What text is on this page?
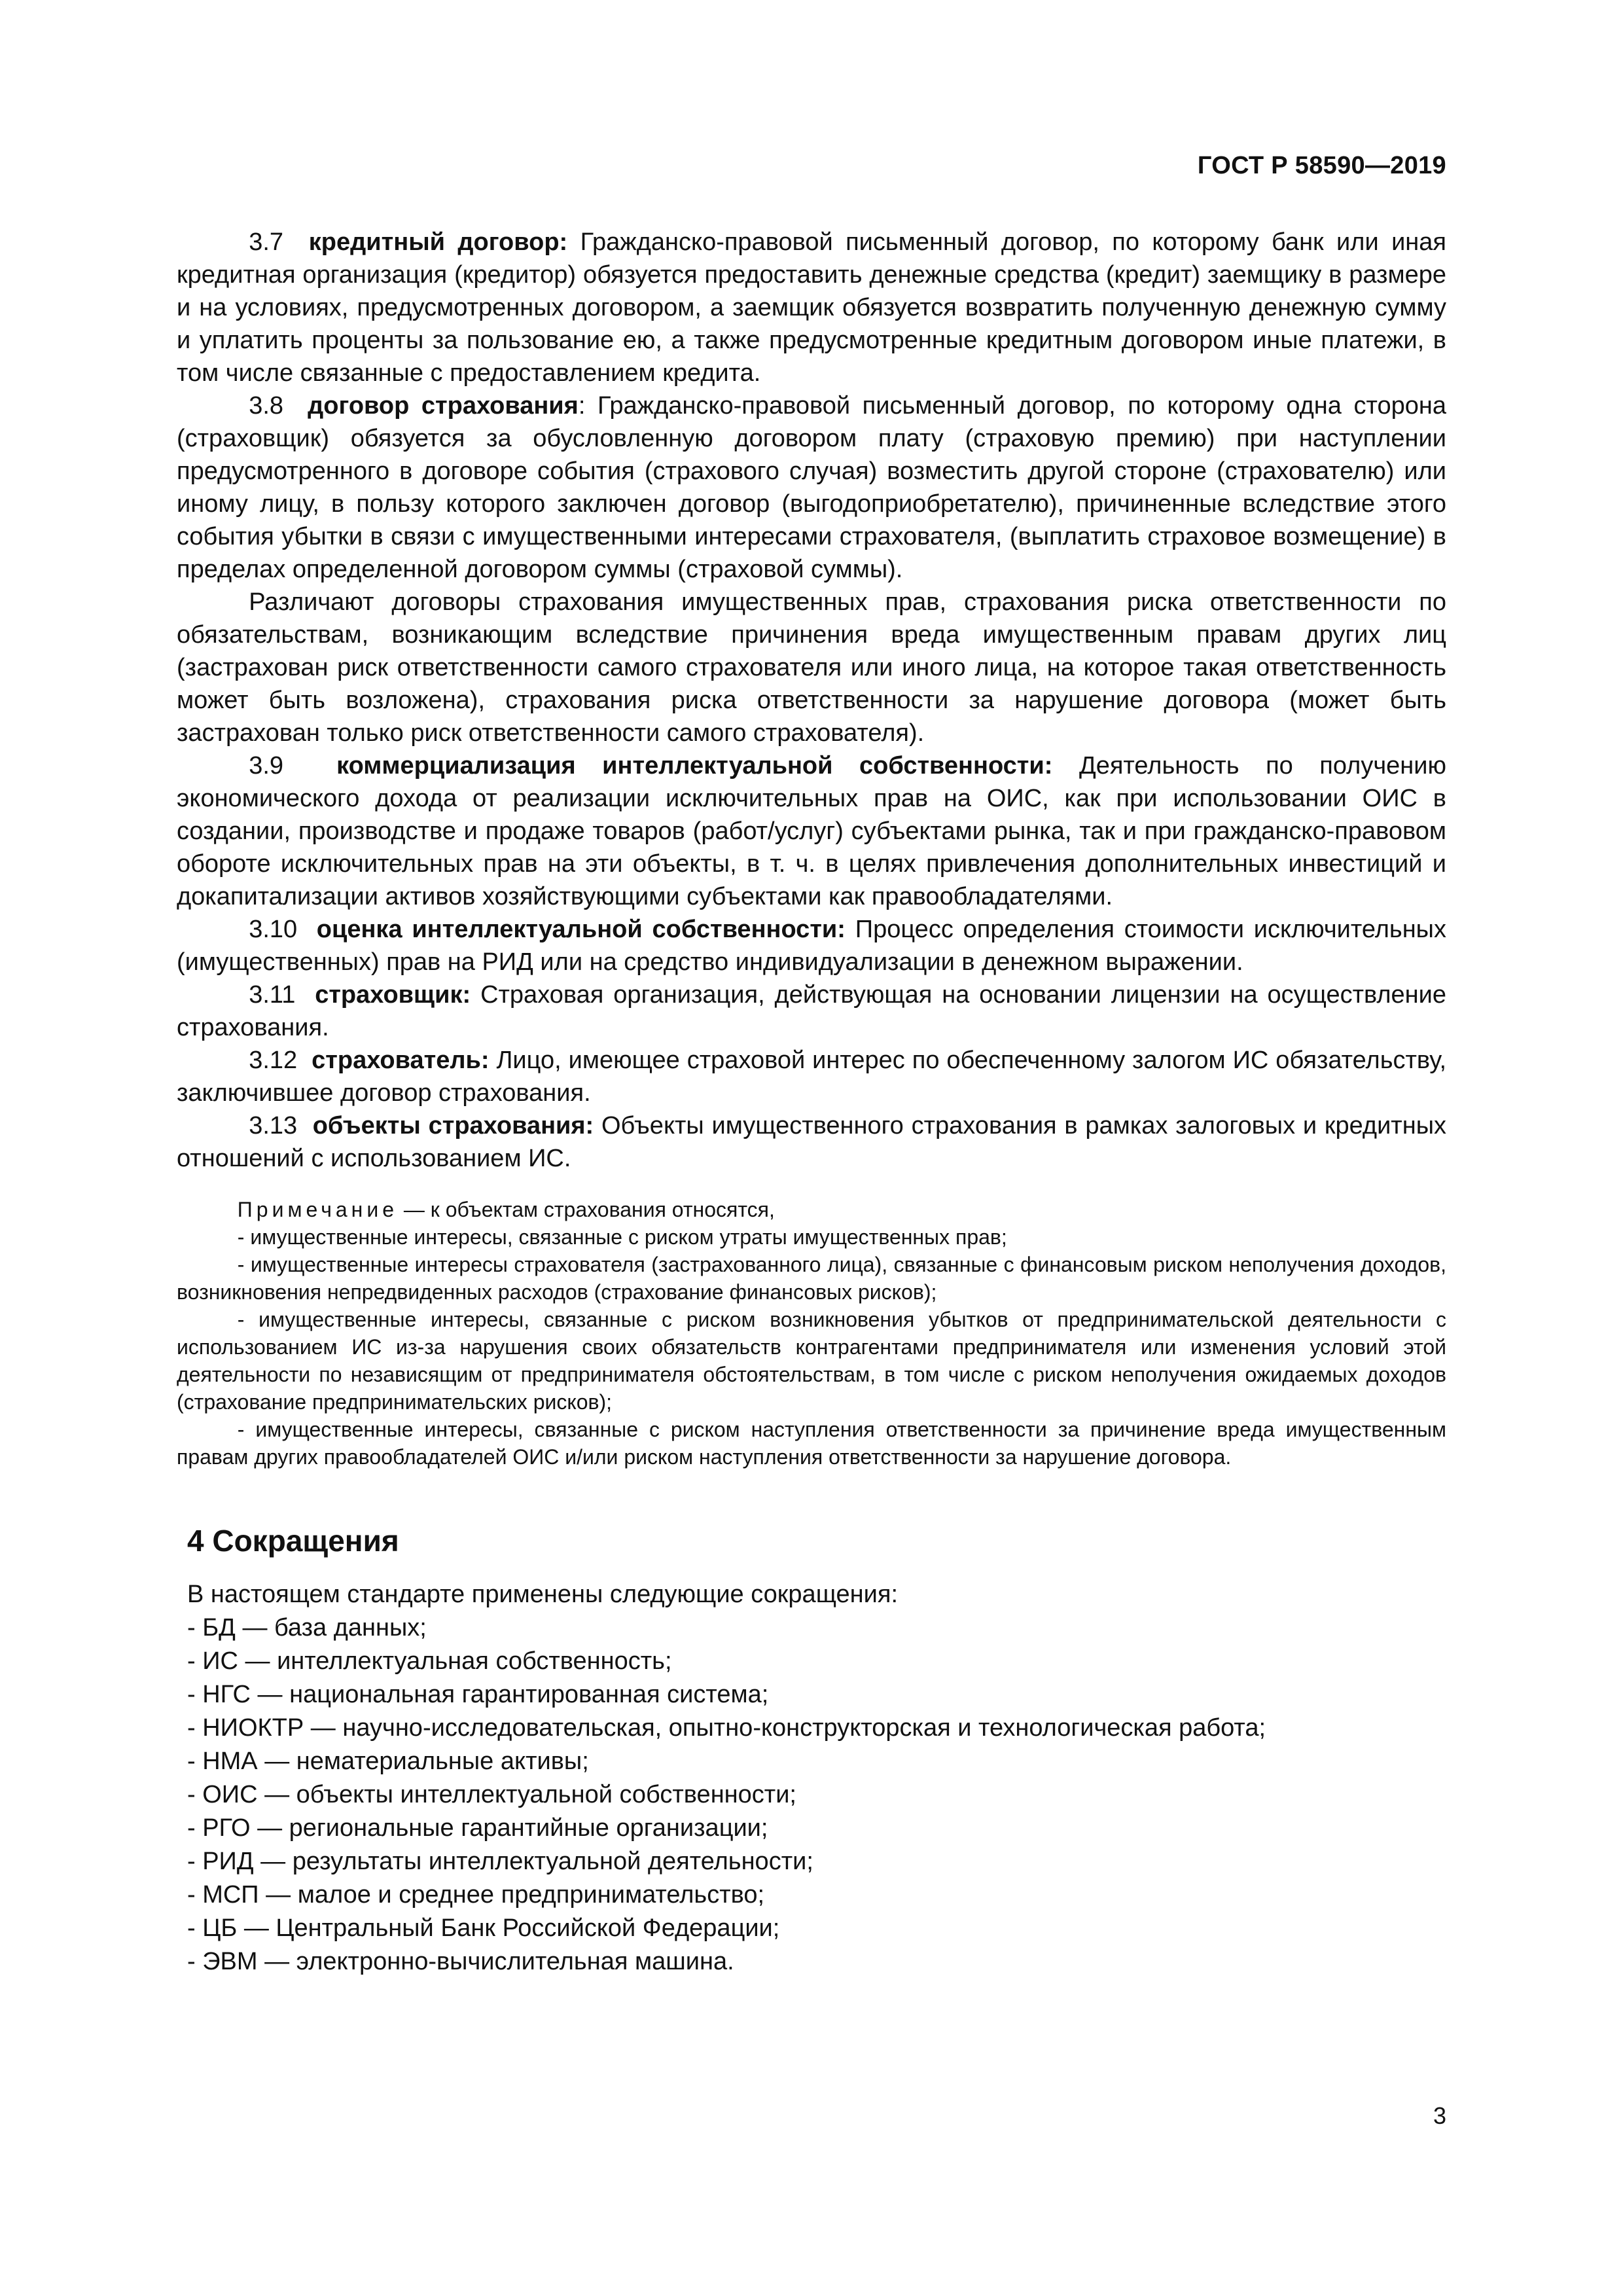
ГОСТ Р 58590—2019

3.7 кредитный договор: Гражданско-правовой письменный договор, по которому банк или иная кредитная организация (кредитор) обязуется предоставить денежные средства (кредит) заемщику в размере и на условиях, предусмотренных договором, а заемщик обязуется возвратить полученную денежную сумму и уплатить проценты за пользование ею, а также предусмотренные кредитным договором иные платежи, в том числе связанные с предоставлением кредита.

3.8 договор страхования: Гражданско-правовой письменный договор, по которому одна сторона (страховщик) обязуется за обусловленную договором плату (страховую премию) при наступлении предусмотренного в договоре события (страхового случая) возместить другой стороне (страхователю) или иному лицу, в пользу которого заключен договор (выгодоприобретателю), причиненные вследствие этого события убытки в связи с имущественными интересами страхователя, (выплатить страховое возмещение) в пределах определенной договором суммы (страховой суммы).

Различают договоры страхования имущественных прав, страхования риска ответственности по обязательствам, возникающим вследствие причинения вреда имущественным правам других лиц (застрахован риск ответственности самого страхователя или иного лица, на которое такая ответственность может быть возложена), страхования риска ответственности за нарушение договора (может быть застрахован только риск ответственности самого страхователя).

3.9 коммерциализация интеллектуальной собственности: Деятельность по получению экономического дохода от реализации исключительных прав на ОИС, как при использовании ОИС в создании, производстве и продаже товаров (работ/услуг) субъектами рынка, так и при гражданско-правовом обороте исключительных прав на эти объекты, в т. ч. в целях привлечения дополнительных инвестиций и докапитализации активов хозяйствующими субъектами как правообладателями.

3.10 оценка интеллектуальной собственности: Процесс определения стоимости исключительных (имущественных) прав на РИД или на средство индивидуализации в денежном выражении.

3.11 страховщик: Страховая организация, действующая на основании лицензии на осуществление страхования.

3.12 страхователь: Лицо, имеющее страховой интерес по обеспеченному залогом ИС обязательству, заключившее договор страхования.

3.13 объекты страхования: Объекты имущественного страхования в рамках залоговых и кредитных отношений с использованием ИС.

Примечание — к объектам страхования относятся,

- имущественные интересы, связанные с риском утраты имущественных прав;

- имущественные интересы страхователя (застрахованного лица), связанные с финансовым риском неполучения доходов, возникновения непредвиденных расходов (страхование финансовых рисков);

- имущественные интересы, связанные с риском возникновения убытков от предпринимательской деятельности с использованием ИС из-за нарушения своих обязательств контрагентами предпринимателя или изменения условий этой деятельности по независящим от предпринимателя обстоятельствам, в том числе с риском неполучения ожидаемых доходов (страхование предпринимательских рисков);

- имущественные интересы, связанные с риском наступления ответственности за причинение вреда имущественным правам других правообладателей ОИС и/или риском наступления ответственности за нарушение договора.

4 Сокращения

В настоящем стандарте применены следующие сокращения:

- БД — база данных;
- ИС — интеллектуальная собственность;
- НГС — национальная гарантированная система;
- НИОКТР — научно-исследовательская, опытно-конструкторская и технологическая работа;
- НМА — нематериальные активы;
- ОИС — объекты интеллектуальной собственности;
- РГО — региональные гарантийные организации;
- РИД — результаты интеллектуальной деятельности;
- МСП — малое и среднее предпринимательство;
- ЦБ — Центральный Банк Российской Федерации;
- ЭВМ — электронно-вычислительная машина.
3
